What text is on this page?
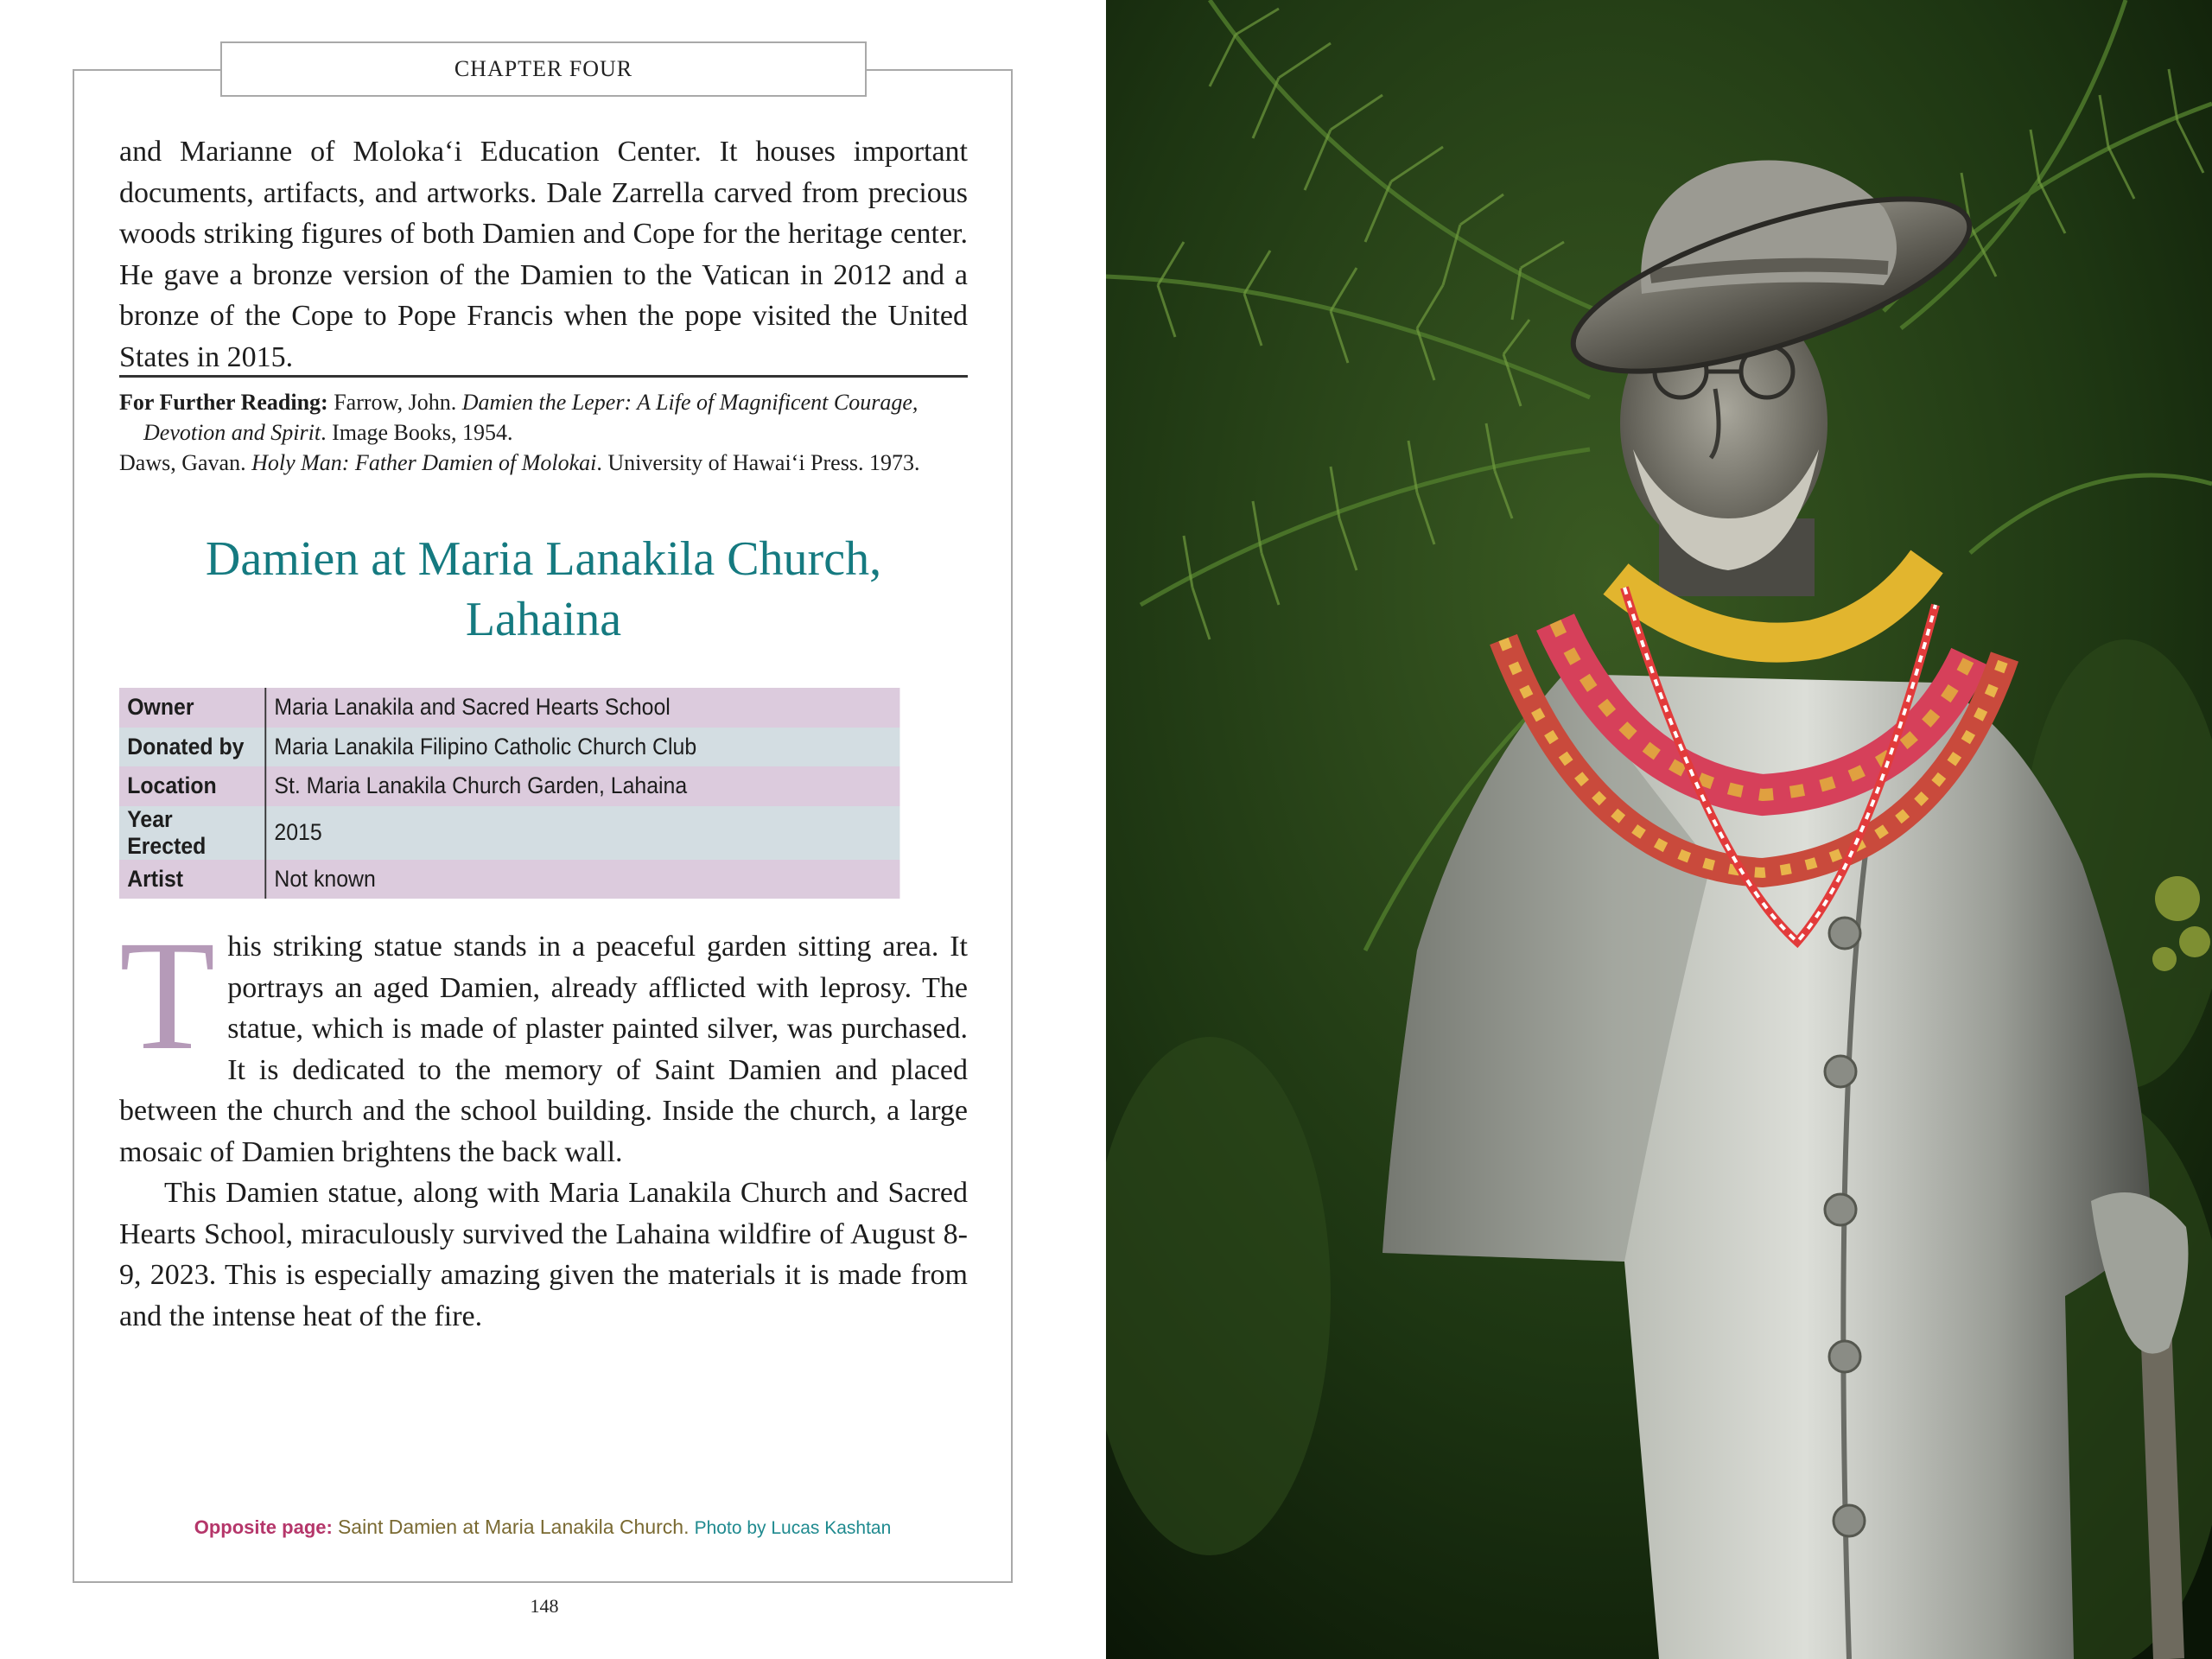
CHAPTER FOUR

and Marianne of Molokaʻi Education Center. It houses important documents, artifacts, and artworks. Dale Zarrella carved from precious woods striking figures of both Damien and Cope for the heritage center. He gave a bronze version of the Damien to the Vatican in 2012 and a bronze of the Cope to Pope Francis when the pope visited the United States in 2015.

For Further Reading: Farrow, John. Damien the Leper: A Life of Magnificent Courage, Devotion and Spirit. Image Books, 1954.

Daws, Gavan. Holy Man: Father Damien of Molokai. University of Hawaiʻi Press. 1973.

Damien at Maria Lanakila Church,
Lahaina
Owner	Maria Lanakila and Sacred Hearts School
Donated by	Maria Lanakila Filipino Catholic Church Club
Location	St. Maria Lanakila Church Garden, Lahaina
Year Erected	2015
Artist	Not known

This striking statue stands in a peaceful garden sitting area. It portrays an aged Damien, already afflicted with leprosy. The statue, which is made of plaster painted silver, was purchased. It is dedicated to the memory of Saint Damien and placed between the church and the school building. Inside the church, a large mosaic of Damien brightens the back wall.

This Damien statue, along with Maria Lanakila Church and Sacred Hearts School, miraculously survived the Lahaina wildfire of August 8-9, 2023. This is especially amazing given the materials it is made from and the intense heat of the fire.

Opposite page: Saint Damien at Maria Lanakila Church. Photo by Lucas Kashtan
148
